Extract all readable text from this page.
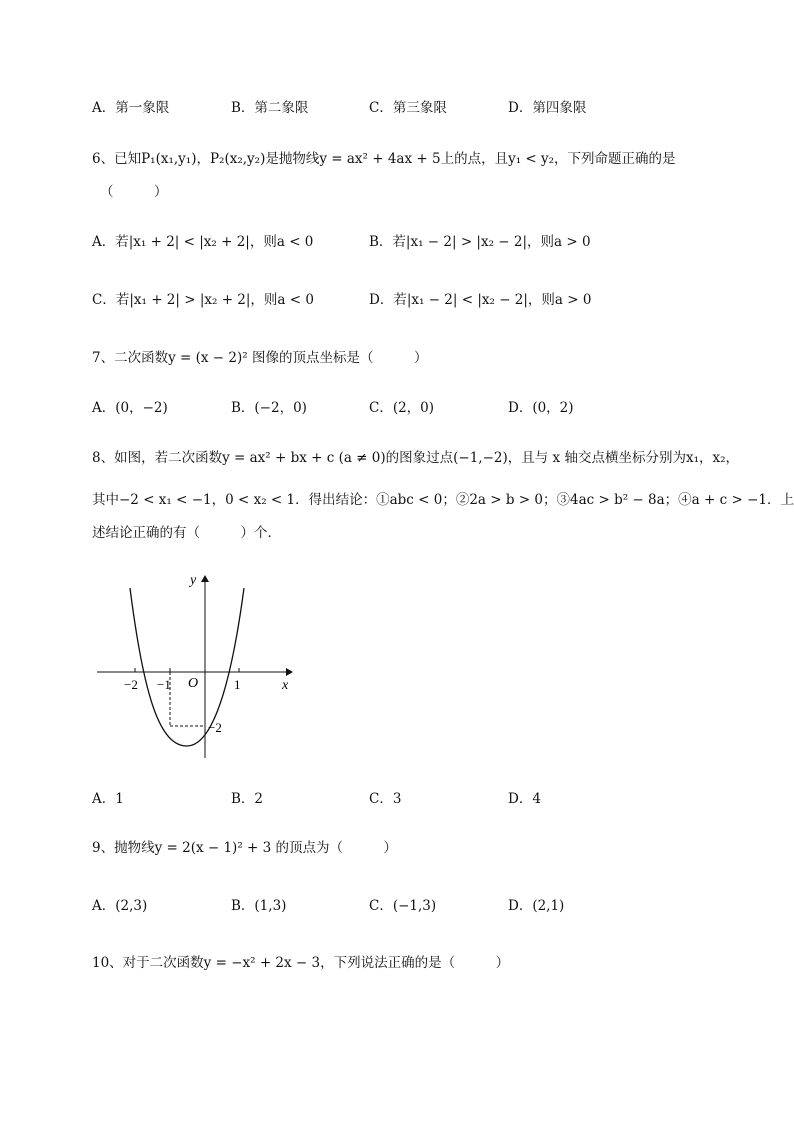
A．第一象限	B．第二象限	C．第三象限	D．第四象限
6、已知P₁(x₁,y₁)，P₂(x₂,y₂)是抛物线y = ax² + 4ax + 5上的点，且y₁ < y₂，下列命题正确的是
（　　　）
A．若|x₁ + 2| < |x₂ + 2|，则a < 0	B．若|x₁ − 2| > |x₂ − 2|，则a > 0
C．若|x₁ + 2| > |x₂ + 2|，则a < 0	D．若|x₁ − 2| < |x₂ − 2|，则a > 0
7、二次函数y = (x − 2)² 图像的顶点坐标是（　　　）
A．(0，−2)	B．(−2，0)	C．(2，0)	D．(0，2)
8、如图，若二次函数y = ax² + bx + c (a ≠ 0)的图象过点(−1,−2)，且与 x 轴交点横坐标分别为x₁，x₂，
其中−2 < x₁ < −1，0 < x₂ < 1．得出结论：①abc < 0；②2a > b > 0；③4ac > b² − 8a；④a + c > −1．上
述结论正确的有（　　　）个．
y
x
O
−2 −1	1
−2
A．1	B．2	C．3	D．4
9、抛物线y = 2(x − 1)² + 3 的顶点为（　　　）
A．(2,3)	B．(1,3)	C．(−1,3)	D．(2,1)
10、对于二次函数y = −x² + 2x − 3，下列说法正确的是（　　　）
